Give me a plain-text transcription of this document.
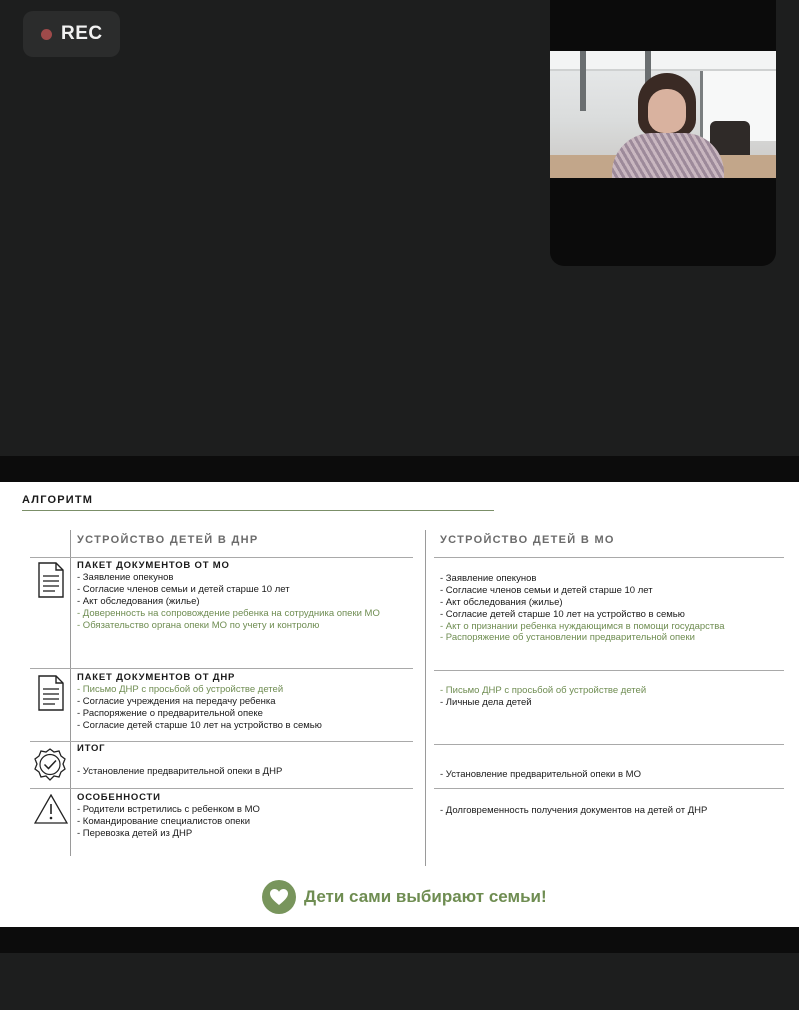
REC
АЛГОРИТМ
УСТРОЙСТВО ДЕТЕЙ В ДНР	УСТРОЙСТВО ДЕТЕЙ В МО
ПАКЕТ ДОКУМЕНТОВ ОТ МО
- Заявление опекунов
- Согласие членов семьи и детей старше 10 лет
- Акт обследования (жилье)
- Доверенность на сопровождение ребенка на сотрудника опеки МО
- Обязательство органа опеки МО по учету и контролю
ПАКЕТ ДОКУМЕНТОВ ОТ ДНР
- Письмо ДНР с просьбой об устройстве детей
- Согласие учреждения на передачу ребенка
- Распоряжение о предварительной опеке
- Согласие детей старше 10 лет на устройство в семью
ИТОГ
- Установление предварительной опеки в ДНР
ОСОБЕННОСТИ
- Родители встретились с ребенком в МО
- Командирование специалистов опеки
- Перевозка детей из ДНР
- Заявление опекунов
- Согласие членов семьи и детей старше 10 лет
- Акт обследования (жилье)
- Согласие детей старше 10 лет на устройство в семью
- Акт о признании ребенка нуждающимся в помощи государства
- Распоряжение об установлении предварительной опеки
- Письмо ДНР с просьбой об устройстве детей
- Личные дела детей
- Установление предварительной опеки в МО
- Долговременность получения документов на детей от ДНР
Дети сами выбирают семьи!
